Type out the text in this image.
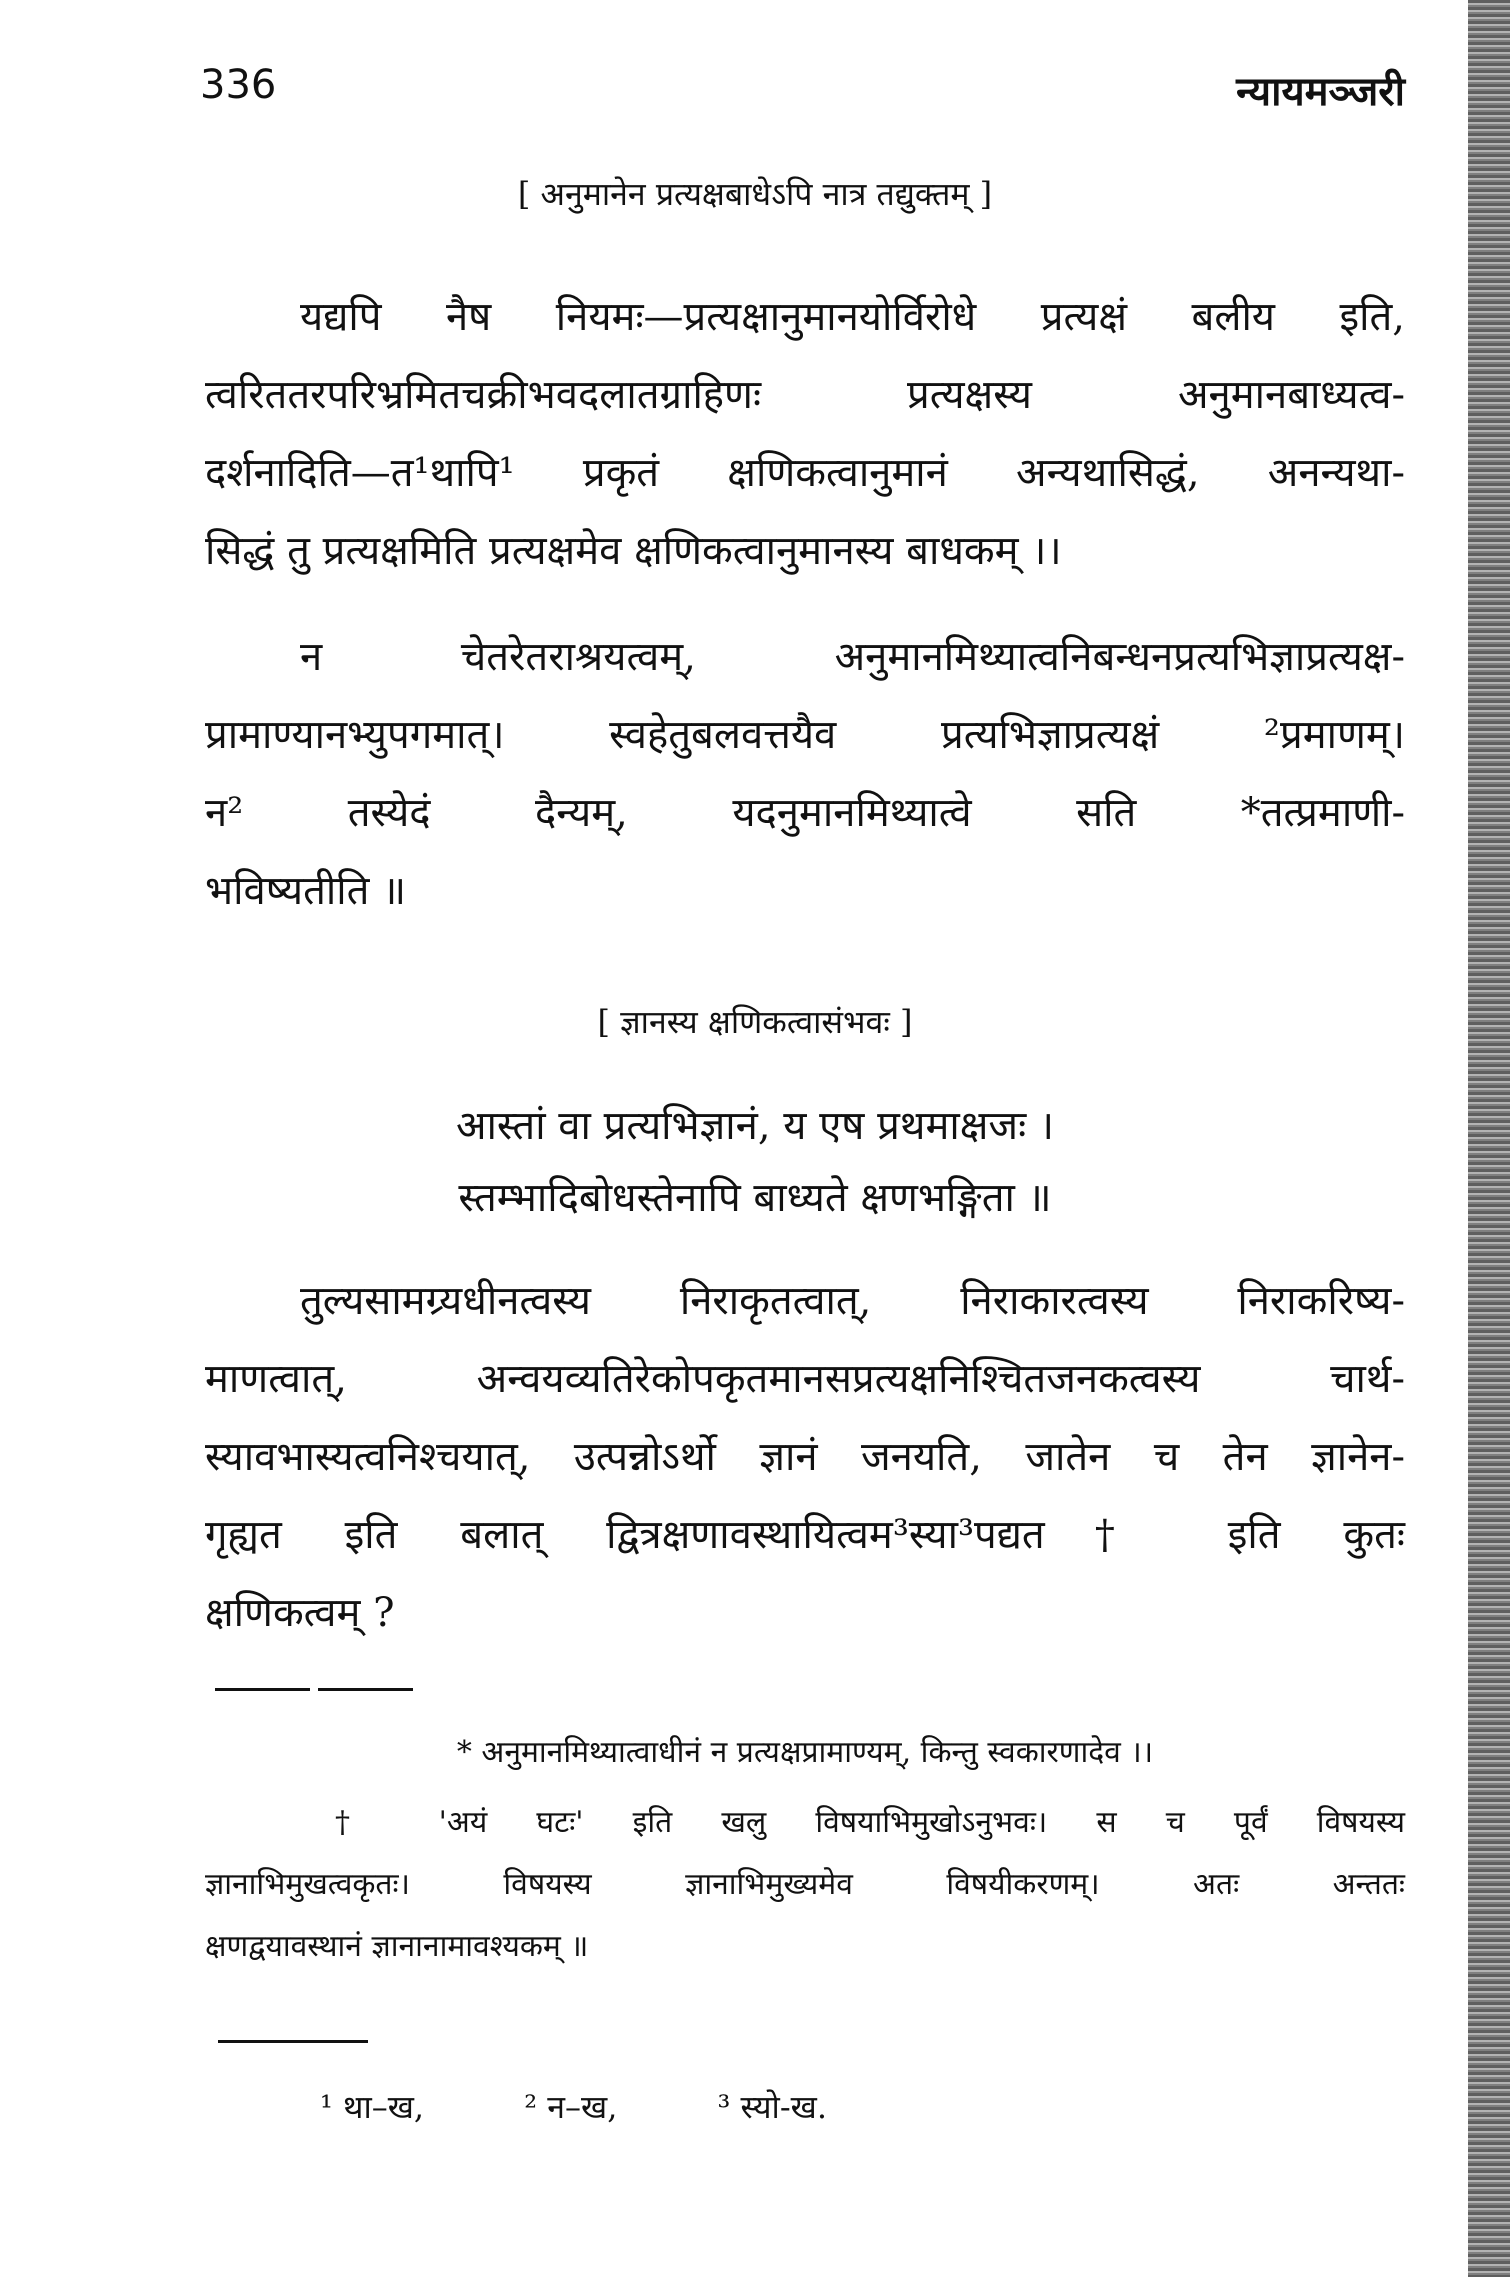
336	न्यायमञ्जरी
[ अनुमानेन प्रत्यक्षबाधेऽपि नात्र तद्युक्तम् ]
यद्यपि नैष नियमः—प्रत्यक्षानुमानयोर्विरोधे प्रत्यक्षं बलीय इति,
त्वरिततरपरिभ्रमितचक्रीभवदलातग्राहिणः प्रत्यक्षस्य अनुमानबाध्यत्व-
दर्शनादिति—त¹थापि¹ प्रकृतं क्षणिकत्वानुमानं अन्यथासिद्धं, अनन्यथा-
सिद्धं तु प्रत्यक्षमिति प्रत्यक्षमेव क्षणिकत्वानुमानस्य बाधकम् ।।
न चेतरेतराश्रयत्वम्, अनुमानमिथ्यात्वनिबन्धनप्रत्यभिज्ञाप्रत्यक्ष-
प्रामाण्यानभ्युपगमात्। स्वहेतुबलवत्तयैव प्रत्यभिज्ञाप्रत्यक्षं ²प्रमाणम्।
न² तस्येदं दैन्यम्, यदनुमानमिथ्यात्वे सति *तत्प्रमाणी-
भविष्यतीति ॥
[ ज्ञानस्य क्षणिकत्वासंभवः ]
आस्तां वा प्रत्यभिज्ञानं, य एष प्रथमाक्षजः ।
स्तम्भादिबोधस्तेनापि बाध्यते क्षणभङ्गिता ॥
तुल्यसामग्र्यधीनत्वस्य निराकृतत्वात्, निराकारत्वस्य निराकरिष्य-
माणत्वात्, अन्वयव्यतिरेकोपकृतमानसप्रत्यक्षनिश्चितजनकत्वस्य चार्थ-
स्यावभास्यत्वनिश्चयात्, उत्पन्नोऽर्थो ज्ञानं जनयति, जातेन च तेन ज्ञानेन-
गृह्यत इति बलात् द्वित्रक्षणावस्थायित्वम³स्या³पद्यत† इति कुतः
क्षणिकत्वम् ?
* अनुमानमिथ्यात्वाधीनं न प्रत्यक्षप्रामाण्यम्, किन्तु स्वकारणादेव ।।
† 'अयं घटः' इति खलु विषयाभिमुखोऽनुभवः। स च पूर्वं विषयस्य
ज्ञानाभिमुखत्वकृतः। विषयस्य ज्ञानाभिमुख्यमेव विषयीकरणम्। अतः अन्ततः
क्षणद्वयावस्थानं ज्ञानानामावश्यकम् ॥
¹ था–ख,	² न–ख,	³ स्यो-ख.
